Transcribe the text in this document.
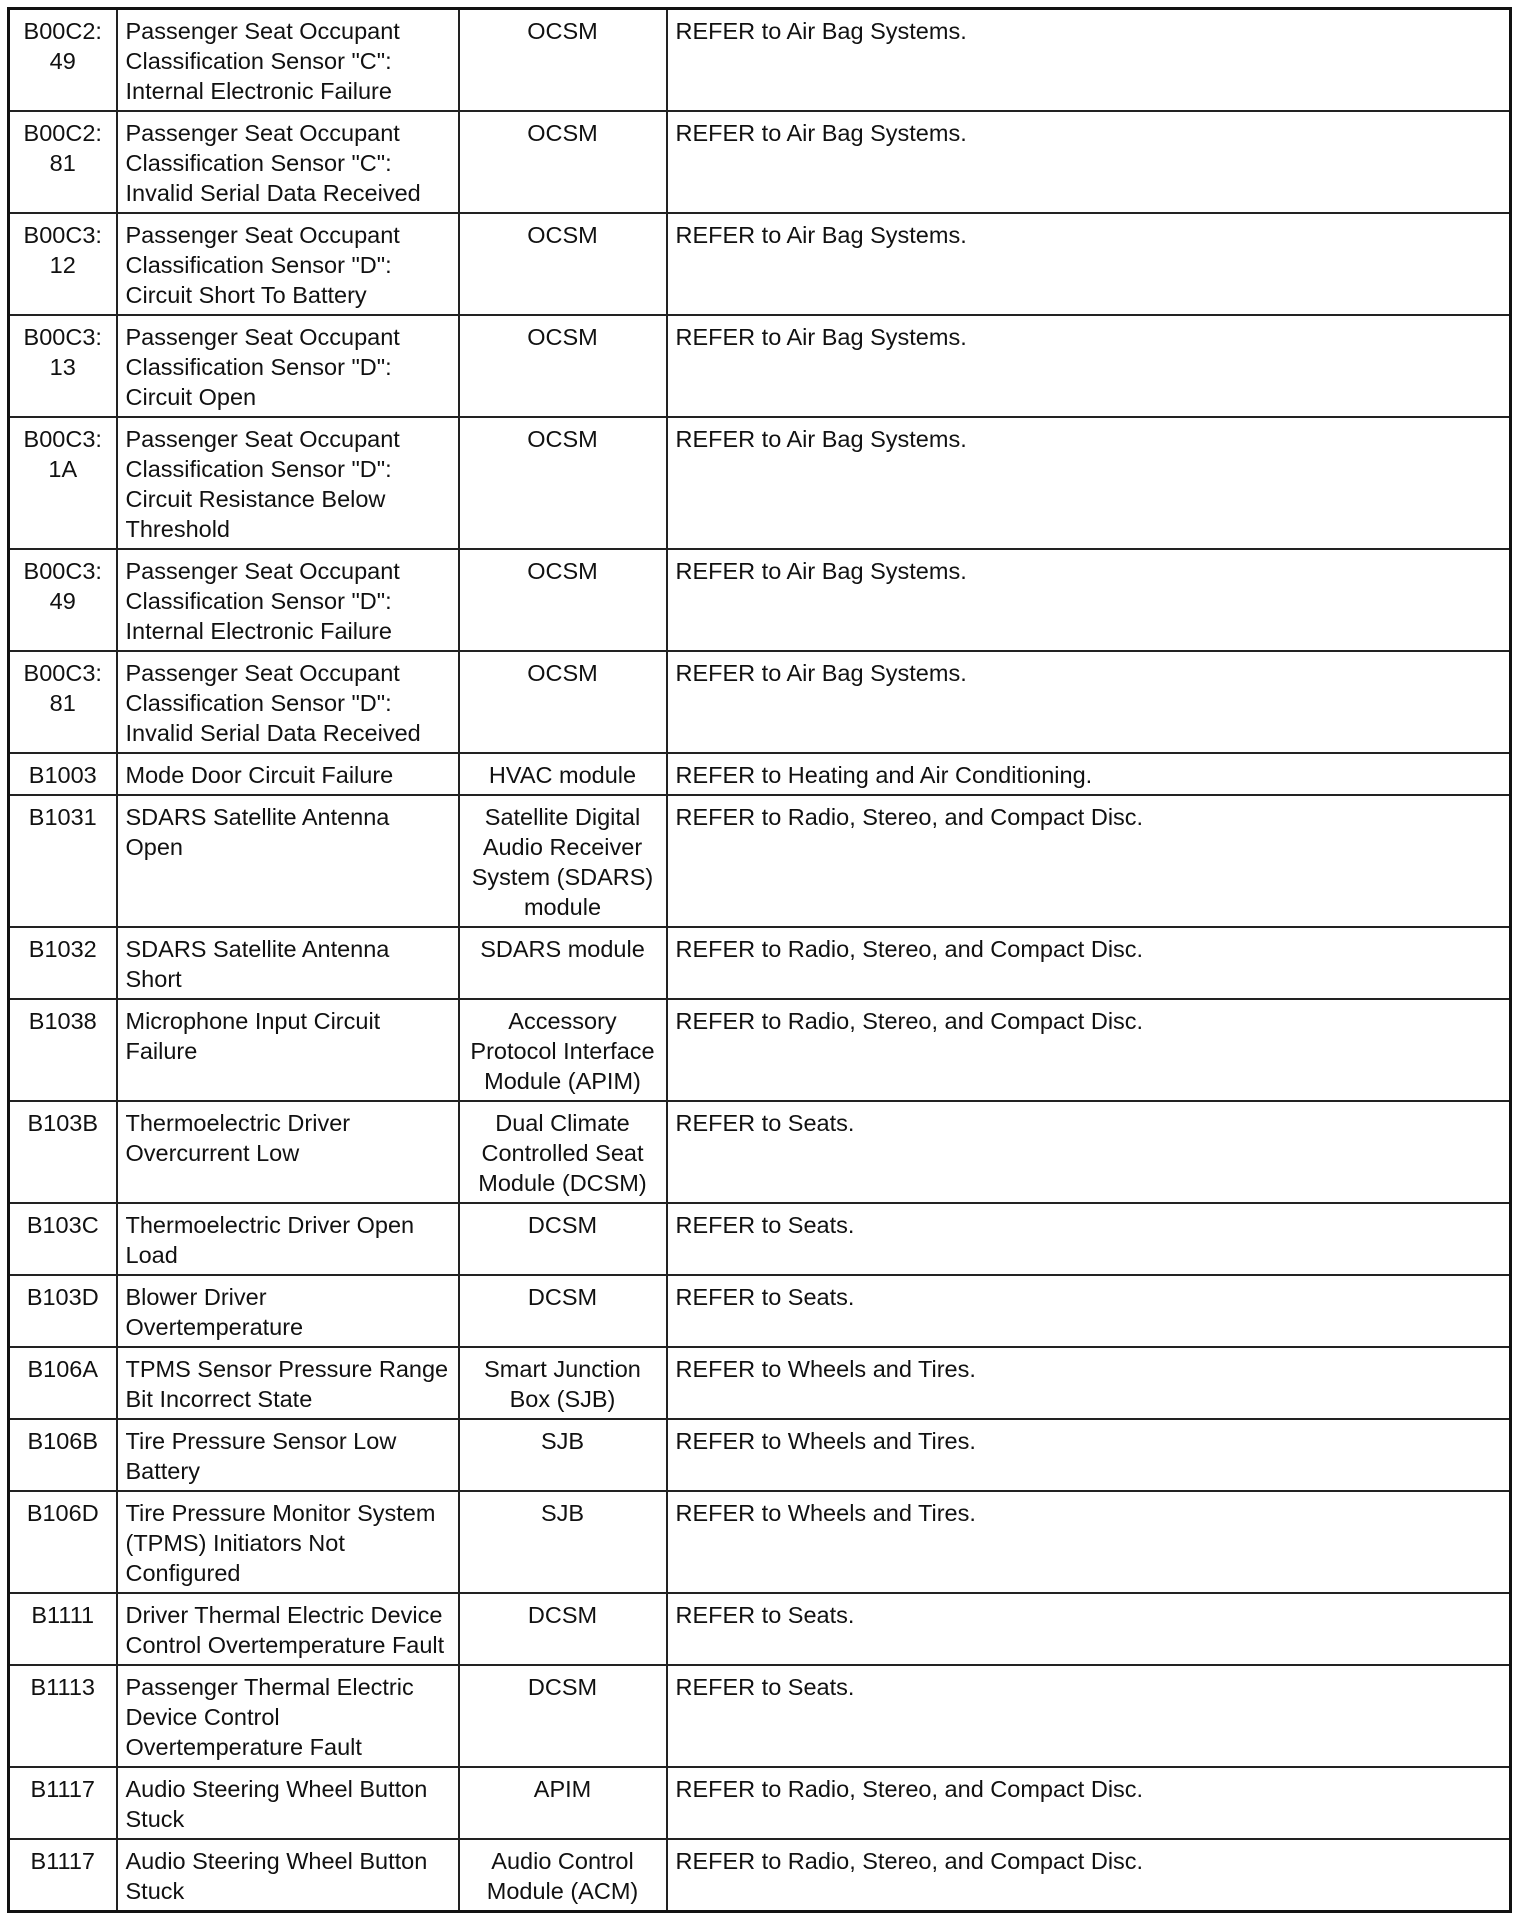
B00C2:49	Passenger Seat Occupant Classification Sensor "C": Internal Electronic Failure	OCSM	REFER to Air Bag Systems.
B00C2:81	Passenger Seat Occupant Classification Sensor "C": Invalid Serial Data Received	OCSM	REFER to Air Bag Systems.
B00C3:12	Passenger Seat Occupant Classification Sensor "D": Circuit Short To Battery	OCSM	REFER to Air Bag Systems.
B00C3:13	Passenger Seat Occupant Classification Sensor "D": Circuit Open	OCSM	REFER to Air Bag Systems.
B00C3:1A	Passenger Seat Occupant Classification Sensor "D": Circuit Resistance Below Threshold	OCSM	REFER to Air Bag Systems.
B00C3:49	Passenger Seat Occupant Classification Sensor "D": Internal Electronic Failure	OCSM	REFER to Air Bag Systems.
B00C3:81	Passenger Seat Occupant Classification Sensor "D": Invalid Serial Data Received	OCSM	REFER to Air Bag Systems.
B1003	Mode Door Circuit Failure	HVAC module	REFER to Heating and Air Conditioning.
B1031	SDARS Satellite Antenna Open	Satellite Digital Audio Receiver System (SDARS) module	REFER to Radio, Stereo, and Compact Disc.
B1032	SDARS Satellite Antenna Short	SDARS module	REFER to Radio, Stereo, and Compact Disc.
B1038	Microphone Input Circuit Failure	Accessory Protocol Interface Module (APIM)	REFER to Radio, Stereo, and Compact Disc.
B103B	Thermoelectric Driver Overcurrent Low	Dual Climate Controlled Seat Module (DCSM)	REFER to Seats.
B103C	Thermoelectric Driver Open Load	DCSM	REFER to Seats.
B103D	Blower Driver Overtemperature	DCSM	REFER to Seats.
B106A	TPMS Sensor Pressure Range Bit Incorrect State	Smart Junction Box (SJB)	REFER to Wheels and Tires.
B106B	Tire Pressure Sensor Low Battery	SJB	REFER to Wheels and Tires.
B106D	Tire Pressure Monitor System (TPMS) Initiators Not Configured	SJB	REFER to Wheels and Tires.
B1111	Driver Thermal Electric Device Control Overtemperature Fault	DCSM	REFER to Seats.
B1113	Passenger Thermal Electric Device Control Overtemperature Fault	DCSM	REFER to Seats.
B1117	Audio Steering Wheel Button Stuck	APIM	REFER to Radio, Stereo, and Compact Disc.
B1117	Audio Steering Wheel Button Stuck	Audio Control Module (ACM)	REFER to Radio, Stereo, and Compact Disc.
